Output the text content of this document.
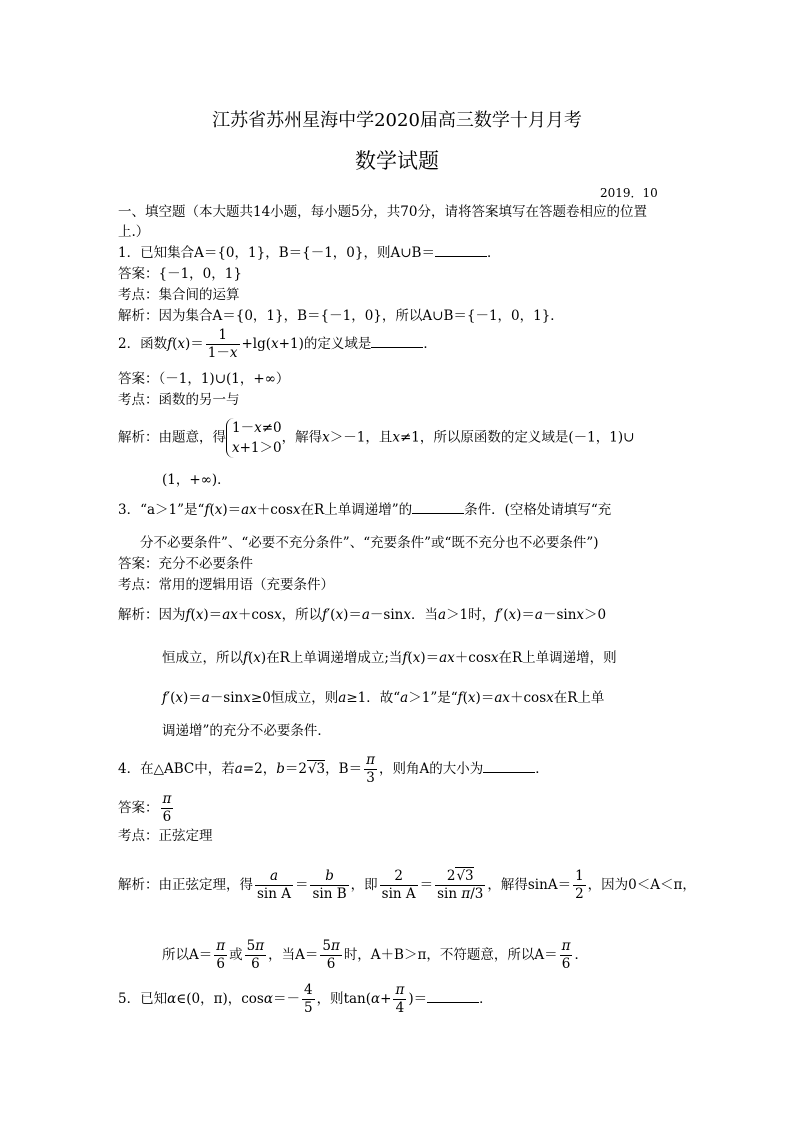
江苏省苏州星海中学2020届高三数学十月月考
数学试题
2019．10
一、填空题（本大题共14小题，每小题5分，共70分，请将答案填写在答题卷相应的位置
上.）
1．已知集合A＝{0，1}，B＝{－1，0}，则A∪B＝	．
答案：{－1，0，1}
考点：集合间的运算
解析：因为集合A＝{0，1}，B＝{－1，0}，所以A∪B＝{－1，0，1}．
2．函数$f(x)= \frac{1}{1-x} +\lg(x+1)$的定义域是	．
答案：（－1，1)∪(1，+∞）
考点：函数的另一与
解析：由题意，得
1－x≠0
x+1＞0
，解得x＞－1，且x≠1，所以原函数的定义域是(－1，1)∪
(1，+∞)．
3．“a＞1”是“f(x)＝ax＋cosx在R上单调递增”的	条件．(空格处请填写“充
分不必要条件”、“必要不充分条件”、“充要条件”或“既不充分也不必要条件”)
答案：充分不必要条件
考点：常用的逻辑用语（充要条件）
解析：因为f(x)＝ax＋cosx，所以f′(x)＝a－sinx．当a＞1时，f′(x)＝a－sinx＞0
恒成立，所以f(x)在R上单调递增成立;当f(x)＝ax＋cosx在R上单调递增，则
f′(x)＝a－sinx≥0恒成立，则a≥1．故“a＞1”是“f(x)＝ax＋cosx在R上单
调递增”的充分不必要条件．
4．在△ABC中，若a=2，b＝2√3，$B= \frac{\pi}{3}$ ，则角A的大小为	．
答案： $\frac{\pi}{6}$
考点：正弦定理
解析：由正弦定理，得 $\frac{a}{\text{sin A}} = \frac{b}{\text{sin B}}$ ，即 $\frac{2}{\text{sin A}} = \frac{2√3}{\text{sin π/3}}$ ，解得$\sin A= \frac{1}{2}$ ，因为0＜A＜π，
所以$A= \frac{\pi}{6}$ 或 $\frac{5\pi}{6}$ ，当$A= \frac{5\pi}{6}$ 时，A＋B＞π，不符题意，所以$A= \frac{\pi}{6}$ ．
5．已知α∈(0，π)，$\cos\alpha=- \frac{4}{5}$ ，则$\tan(\alpha+ \frac{\pi}{4}$ )＝	．
